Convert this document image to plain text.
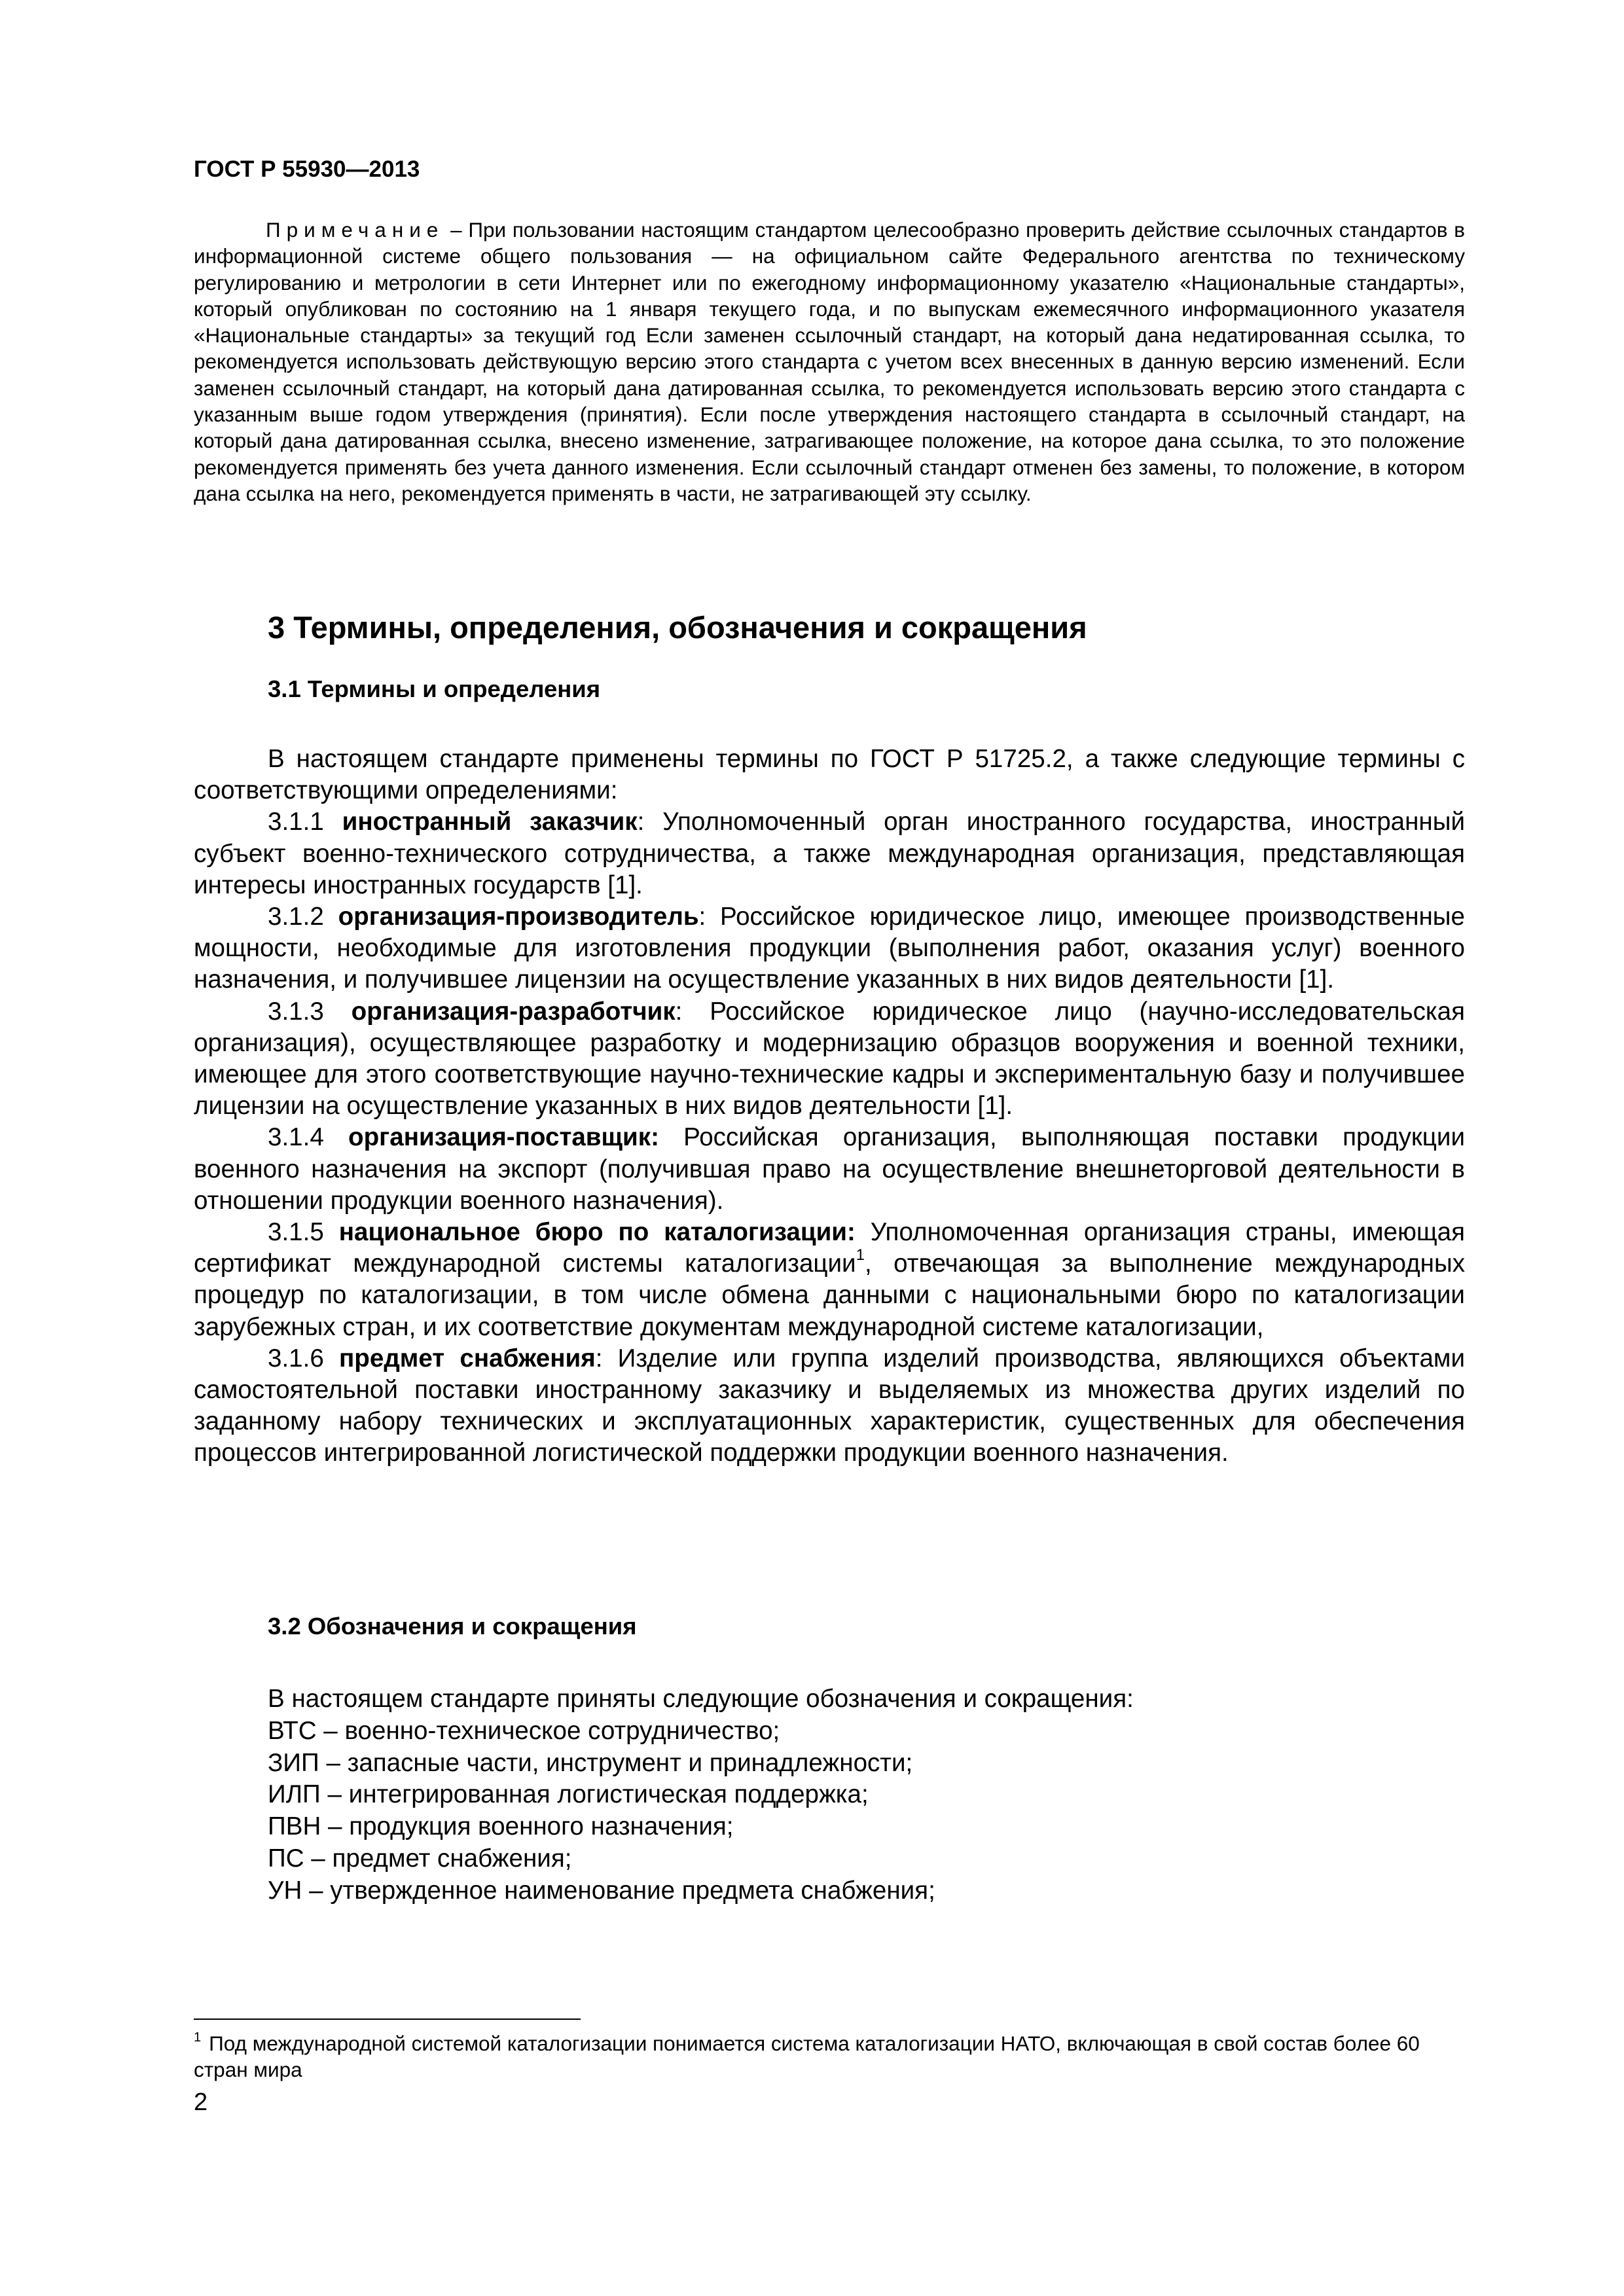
ГОСТ Р 55930—2013
Примечание – При пользовании настоящим стандартом целесообразно проверить действие ссылочных стандартов в информационной системе общего пользования — на официальном сайте Федерального агентства по техническому регулированию и метрологии в сети Интернет или по ежегодному информационному указателю «Национальные стандарты», который опубликован по состоянию на 1 января текущего года, и по выпускам ежемесячного информационного указателя «Национальные стандарты» за текущий год Если заменен ссылочный стандарт, на который дана недатированная ссылка, то рекомендуется использовать действующую версию этого стандарта с учетом всех внесенных в данную версию изменений. Если заменен ссылочный стандарт, на который дана датированная ссылка, то рекомендуется использовать версию этого стандарта с указанным выше годом утверждения (принятия). Если после утверждения настоящего стандарта в ссылочный стандарт, на который дана датированная ссылка, внесено изменение, затрагивающее положение, на которое дана ссылка, то это положение рекомендуется применять без учета данного изменения. Если ссылочный стандарт отменен без замены, то положение, в котором дана ссылка на него, рекомендуется применять в части, не затрагивающей эту ссылку.
3 Термины, определения, обозначения и сокращения
3.1 Термины и определения

В настоящем стандарте применены термины по ГОСТ Р 51725.2, а также следующие термины с соответствующими определениями:

3.1.1 иностранный заказчик: Уполномоченный орган иностранного государства, иностранный субъект военно-технического сотрудничества, а также международная организация, представляющая интересы иностранных государств [1].

3.1.2 организация-производитель: Российское юридическое лицо, имеющее производственные мощности, необходимые для изготовления продукции (выполнения работ, оказания услуг) военного назначения, и получившее лицензии на осуществление указанных в них видов деятельности [1].

3.1.3 организация-разработчик: Российское юридическое лицо (научно-исследовательская организация), осуществляющее разработку и модернизацию образцов вооружения и военной техники, имеющее для этого соответствующие научно-технические кадры и экспериментальную базу и получившее лицензии на осуществление указанных в них видов деятельности [1].

3.1.4 организация-поставщик: Российская организация, выполняющая поставки продукции военного назначения на экспорт (получившая право на осуществление внешнеторговой деятельности в отношении продукции военного назначения).

3.1.5 национальное бюро по каталогизации: Уполномоченная организация страны, имеющая сертификат международной системы каталогизации$^1$, отвечающая за выполнение международных процедур по каталогизации, в том числе обмена данными с национальными бюро по каталогизации зарубежных стран, и их соответствие документам международной системе каталогизации,

3.1.6 предмет снабжения: Изделие или группа изделий производства, являющихся объектами самостоятельной поставки иностранному заказчику и выделяемых из множества других изделий по заданному набору технических и эксплуатационных характеристик, существенных для обеспечения процессов интегрированной логистической поддержки продукции военного назначения.

3.2 Обозначения и сокращения

В настоящем стандарте приняты следующие обозначения и сокращения:

ВТС – военно-техническое сотрудничество;

ЗИП – запасные части, инструмент и принадлежности;

ИЛП – интегрированная логистическая поддержка;

ПВН – продукция военного назначения;

ПС – предмет снабжения;

УН – утвержденное наименование предмета снабжения;

$^1$ Под международной системой каталогизации понимается система каталогизации НАТО, включающая в свой состав более 60 стран мира
2
